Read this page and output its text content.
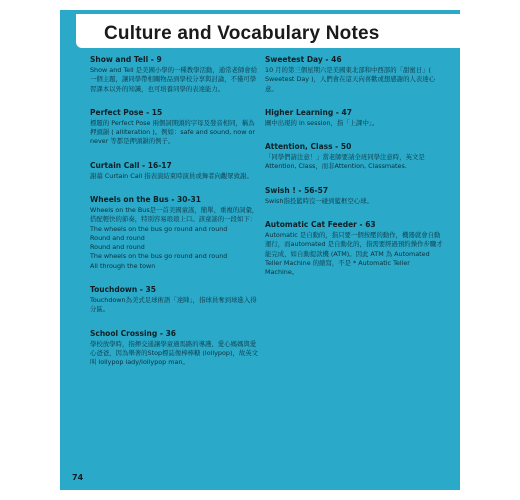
Culture and Vocabulary Notes
Show and Tell - 9

Show and Tell 是美國小學的一種教學活動，通常老師會給一個主題，讓同學帶相關物品到學校分享與討論，不僅可學習課本以外的知識，也可培養同學的表達能力。

Perfect Pose - 15

標題的 Perfect Pose 兩個詞開頭的字母及發音相同，稱為押頭韻 ( alliteration )。例如：safe and sound, now or never 等都是押頭韻的例子。

Curtain Call - 16-17

謝幕 Curtain Call 指表演結束時演員或舞者向觀眾致謝。

Wheels on the Bus - 30-31

Wheels on the Bus是一首美國童謠，簡單、重複的詞彙，搭配輕快的節奏，特別容易琅琅上口。該童謠的一段如下：

The wheels on the bus go round and round
Round and round
Round and round
The wheels on the bus go round and round
All through the town
Touchdown - 35

Touchdown為美式足球術語「達陣」，指球員奪到球進入得分區。

School Crossing - 36

學校放學時，指揮交通讓學童過馬路的導護、愛心媽媽與愛心爸爸，因為舉著的Stop標誌像棒棒糖 (lollypop)，故英文叫 lollypop lady/lollypop man。

Sweetest Day - 46

10 月的第三個星期六是美國東北部和中西部的「甜蜜日」( Sweetest Day )，人們會在這天向喜歡或想感謝的人表達心意。

Higher Learning - 47

圖中出現的 in session，指「上課中」。

Attention, Class - 50

「同學們請注意！」當老師要請全班同學注意時，英文是Attention, Class，而非Attention, Classmates.

Swish ! - 56-57

Swish指投籃時沒一碰到籃框空心球。

Automatic Cat Feeder - 63

Automatic 是自動的，指只要一個按壓的動作，機器就會自動運行，而automated 是自動化的，指需要經過預約操作步驟才能完成，如自動提款機 (ATM)。因此 ATM 為 Automated Teller Machine 的縮寫，不是 * Automatic Teller Machine。

74
